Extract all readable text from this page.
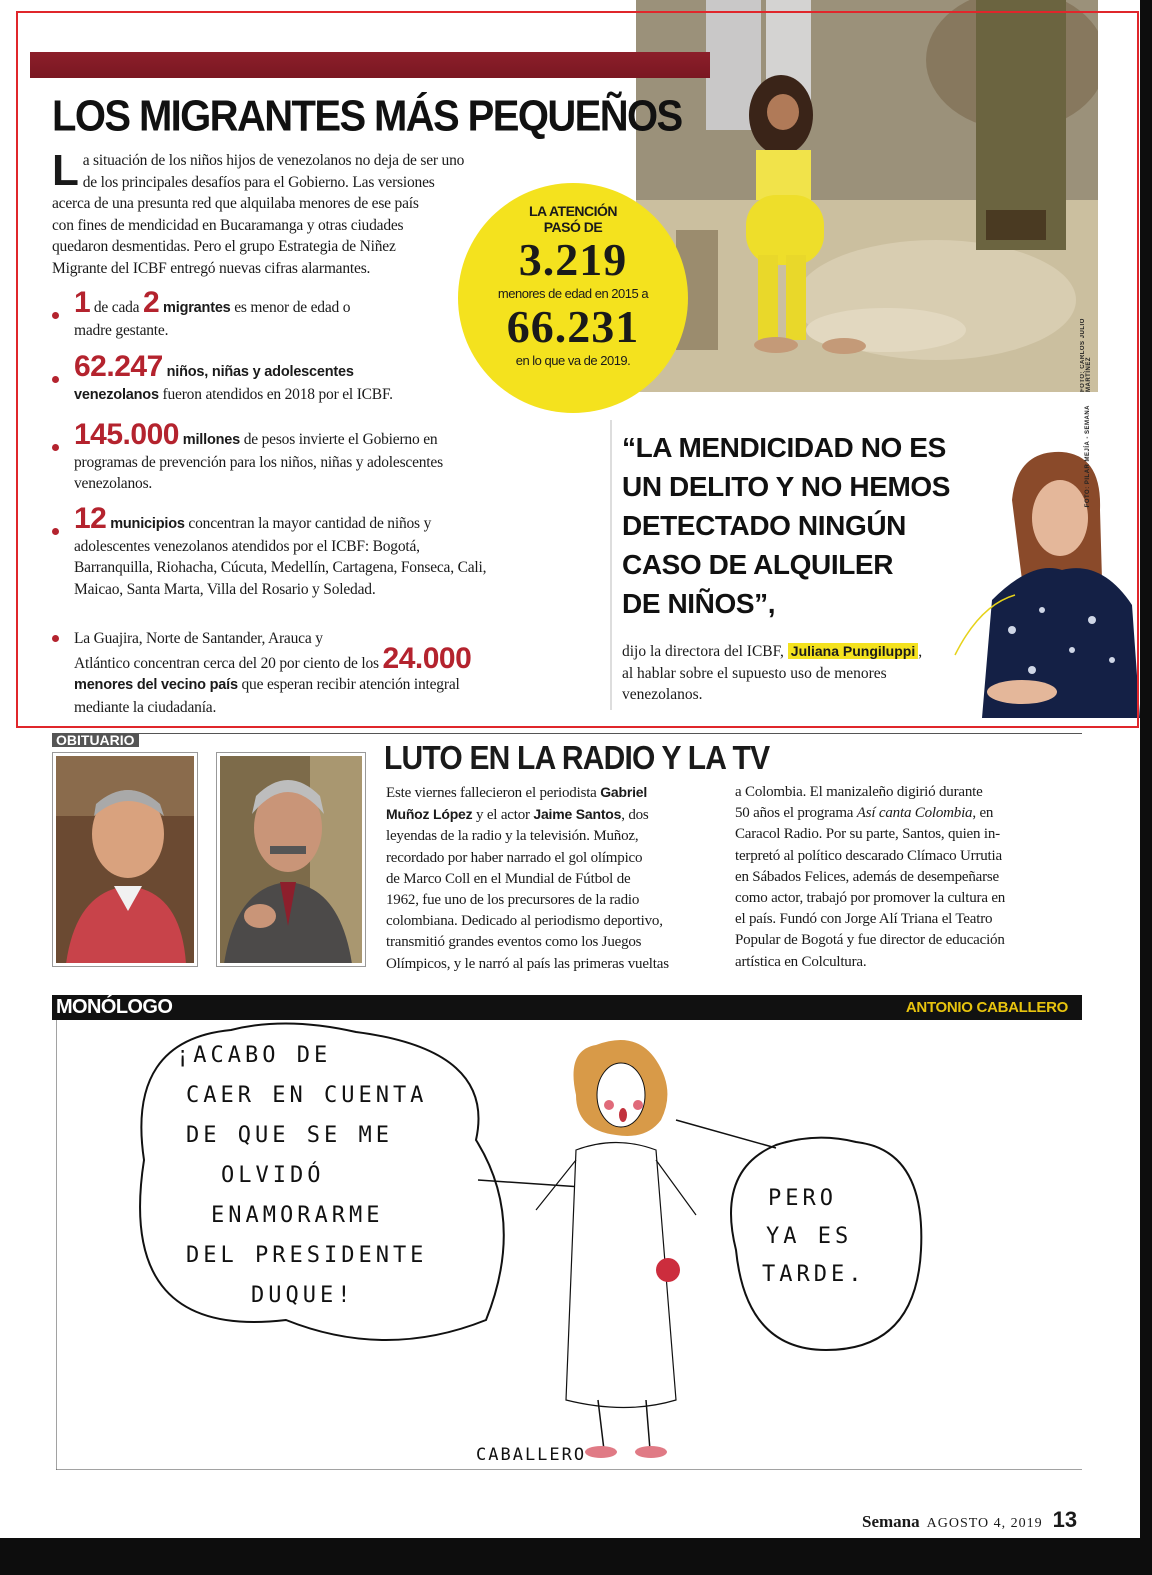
FOTO: CARLOS JULIO MARTÍNEZ
LOS MIGRANTES MÁS PEQUEÑOS
L a situación de los niños hijos de venezolanos no deja de ser uno
de los principales desafíos para el Gobierno. Las versiones
acerca de una presunta red que alquilaba menores de ese país
con fines de mendicidad en Bucaramanga y otras ciudades
quedaron desmentidas. Pero el grupo Estrategia de Niñez
Migrante del ICBF entregó nuevas cifras alarmantes.
1 de cada 2 migrantes es menor de edad o
madre gestante.
62.247 niños, niñas y adolescentes
venezolanos fueron atendidos en 2018 por el ICBF.
145.000 millones de pesos invierte el Gobierno en
programas de prevención para los niños, niñas y adolescentes
venezolanos.
12 municipios concentran la mayor cantidad de niños y
adolescentes venezolanos atendidos por el ICBF: Bogotá,
Barranquilla, Riohacha, Cúcuta, Medellín, Cartagena, Fonseca, Cali,
Maicao, Santa Marta, Villa del Rosario y Soledad.
La Guajira, Norte de Santander, Arauca y
Atlántico concentran cerca del 20 por ciento de los 24.000
menores del vecino país que esperan recibir atención integral
mediante la ciudadanía.
LA ATENCIÓN
PASÓ DE
3.219
menores de edad en 2015 a
66.231
en lo que va de 2019.
“LA MENDICIDAD NO ES
UN DELITO Y NO HEMOS
DETECTADO NINGÚN
CASO DE ALQUILER
DE NIÑOS”,
dijo la directora del ICBF, Juliana Pungiluppi ,
al hablar sobre el supuesto uso de menores
venezolanos.
FOTO: PILAR MEJÍA - SEMANA
OBITUARIO	LUTO EN LA RADIO Y LA TV
Este viernes fallecieron el periodista Gabriel
Muñoz López y el actor Jaime Santos, dos
leyendas de la radio y la televisión. Muñoz,
recordado por haber narrado el gol olímpico
de Marco Coll en el Mundial de Fútbol de
1962, fue uno de los precursores de la radio
colombiana. Dedicado al periodismo deportivo,
transmitió grandes eventos como los Juegos
Olímpicos, y le narró al país las primeras vueltas
a Colombia. El manizaleño digirió durante
50 años el programa Así canta Colombia, en
Caracol Radio. Por su parte, Santos, quien in-
terpretó al político descarado Clímaco Urrutia
en Sábados Felices, además de desempeñarse
como actor, trabajó por promover la cultura en
el país. Fundó con Jorge Alí Triana el Teatro
Popular de Bogotá y fue director de educación
artística en Colcultura.
MONÓLOGO	ANTONIO CABALLERO
¡ACABO DE
CAER EN CUENTA
DE QUE SE ME
OLVIDÓ
ENAMORARME
DEL PRESIDENTE
DUQUE!
PERO
YA ES
TARDE.
CABALLERO
Semana AGOSTO 4, 2019 13
